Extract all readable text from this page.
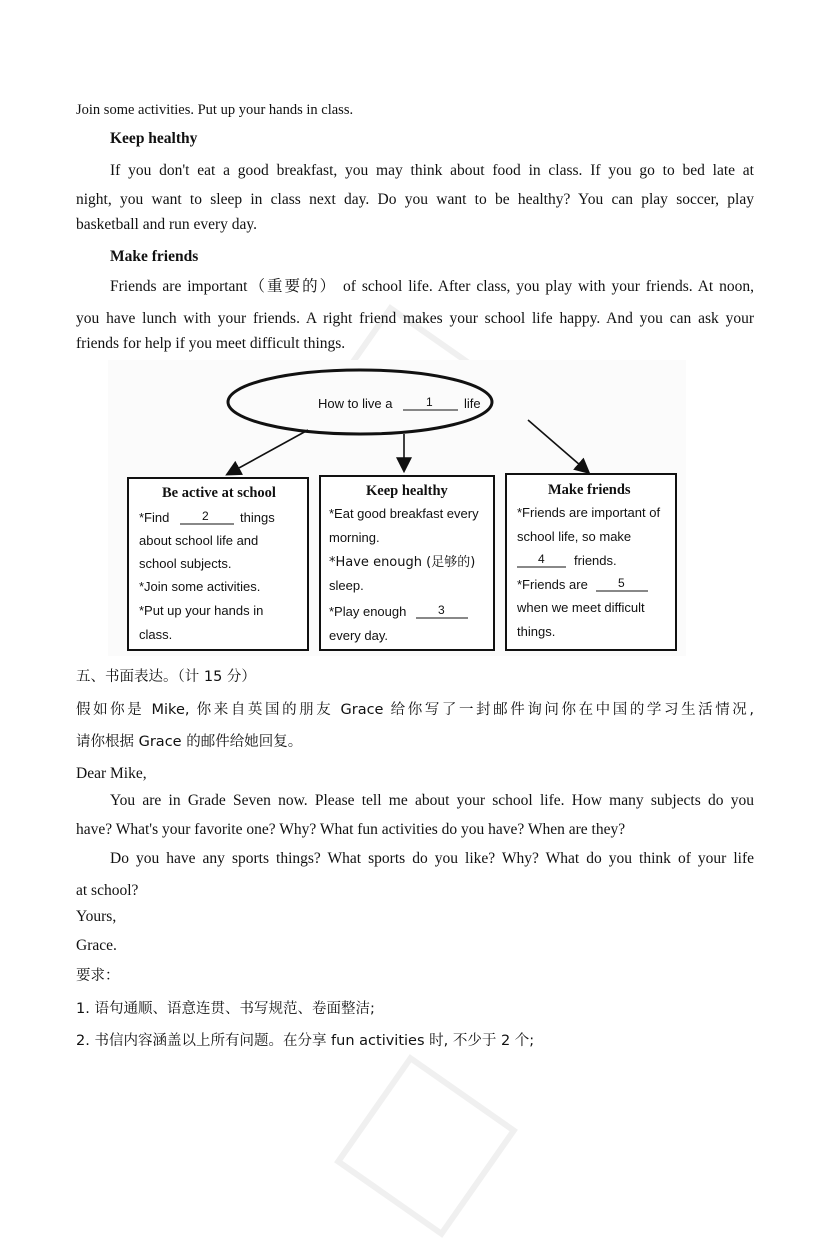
Join some activities. Put up your hands in class.
Keep healthy
If you don't eat a good breakfast, you may think about food in class. If you go to bed late at
night, you want to sleep in class next day. Do you want to be healthy? You can play soccer, play
basketball and run every day.
Make friends
Friends are important（重要的） of school life. After class, you play with your friends. At noon,
you have lunch with your friends. A right friend makes your school life happy. And you can ask your
friends for help if you meet difficult things.
How to live a	1 life
Be active at school
*Find	2 things
about school life and
school subjects.
*Join some activities.
*Put up your hands in
class.
Keep healthy
*Eat good breakfast every
morning.
*Have enough (足够的)
sleep.
*Play enough	3
every day.
Make friends
*Friends are important of
school life, so make
4 friends.
*Friends are	5
when we meet difficult
things.
五、书面表达。（计 15 分）
假如你是 Mike, 你来自英国的朋友 Grace 给你写了一封邮件询问你在中国的学习生活情况,
请你根据 Grace 的邮件给她回复。
Dear Mike,
You are in Grade Seven now. Please tell me about your school life. How many subjects do you
have? What's your favorite one? Why? What fun activities do you have? When are they?
Do you have any sports things? What sports do you like? Why? What do you think of your life
at school?
Yours,
Grace.
要求：
1. 语句通顺、语意连贯、书写规范、卷面整洁;
2. 书信内容涵盖以上所有问题。在分享 fun activities 时, 不少于 2 个;
